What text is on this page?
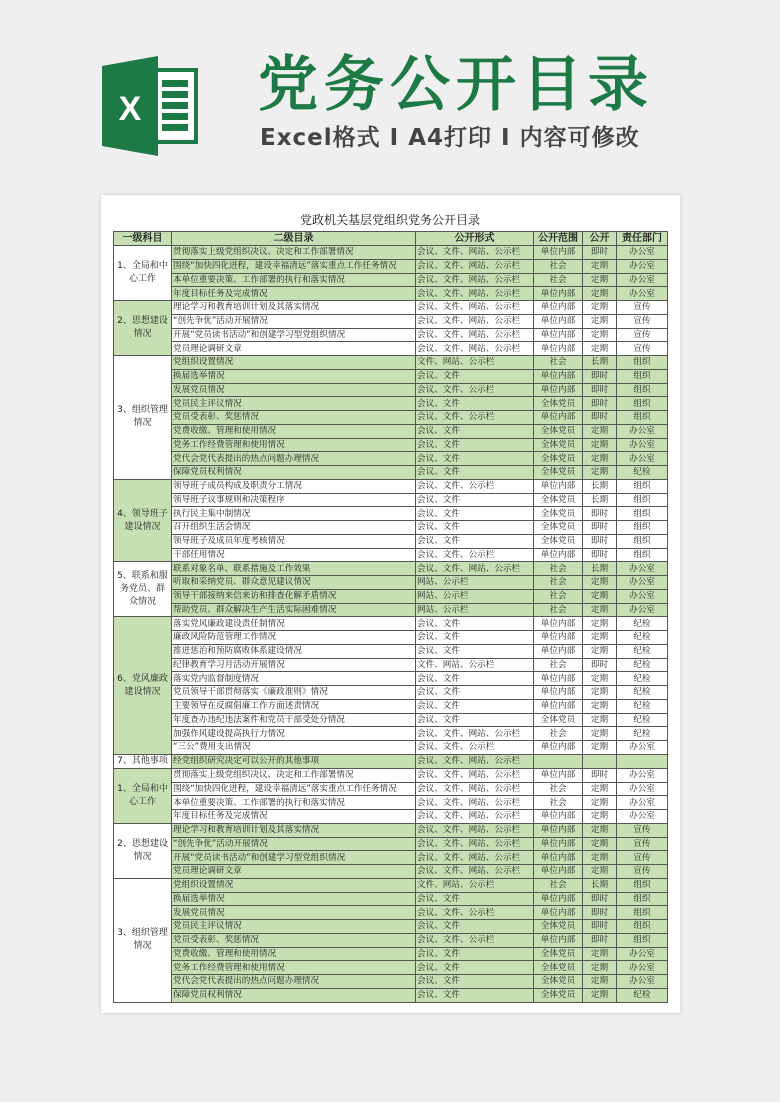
X 党务公开目录
Excel格式 I A4打印 I 内容可修改
党政机关基层党组织党务公开目录
一级科目	二级目录	公开形式	公开范围	公开	责任部门
1、全局和中心工作	贯彻落实上级党组织决议、决定和工作部署情况	会议、文件、网站、公示栏	单位内部	即时	办公室
	围绕“加快四化进程，建设幸福清远”落实重点工作任务情况	会议、文件、网站、公示栏	社会	定期	办公室
	本单位重要决策、工作部署的执行和落实情况	会议、文件、网站、公示栏	社会	定期	办公室
	年度目标任务及完成情况	会议、文件、网站、公示栏	单位内部	定期	办公室
2、思想建设情况	理论学习和教育培训计划及其落实情况	会议、文件、网站、公示栏	单位内部	定期	宣传
	“创先争优”活动开展情况	会议、文件、网站、公示栏	单位内部	定期	宣传
	开展“党员读书活动”和创建学习型党组织情况	会议、文件、网站、公示栏	单位内部	定期	宣传
	党员理论调研文章	会议、文件、网站、公示栏	单位内部	定期	宣传
3、组织管理情况	党组织设置情况	文件、网站、公示栏	社会	长期	组织
	换届选举情况	会议、文件	单位内部	即时	组织
	发展党员情况	会议、文件、公示栏	单位内部	即时	组织
	党员民主评议情况	会议、文件	全体党员	即时	组织
	党员受表彰、奖惩情况	会议、文件、公示栏	单位内部	即时	组织
	党费收缴、管理和使用情况	会议、文件	全体党员	定期	办公室
	党务工作经费管理和使用情况	会议、文件	全体党员	定期	办公室
	党代会党代表提出的热点问题办理情况	会议、文件	全体党员	定期	办公室
	保障党员权利情况	会议、文件	全体党员	定期	纪检
4、领导班子建设情况	领导班子成员构成及职责分工情况	会议、文件、公示栏	单位内部	长期	组织
	领导班子议事规则和决策程序	会议、文件	全体党员	长期	组织
	执行民主集中制情况	会议、文件	全体党员	即时	组织
	召开组织生活会情况	会议、文件	全体党员	即时	组织
	领导班子及成员年度考核情况	会议、文件	全体党员	即时	组织
	干部任用情况	会议、文件、公示栏	单位内部	即时	组织
5、联系和服务党员、群众情况	联系对象名单、联系措施及工作效果	会议、文件、网站、公示栏	社会	长期	办公室
	听取和采纳党员、群众意见建议情况	网站、公示栏	社会	定期	办公室
	领导干部接纳来信来访和排查化解矛盾情况	网站、公示栏	社会	定期	办公室
	帮助党员、群众解决生产生活实际困难情况	网站、公示栏	社会	定期	办公室
6、党风廉政建设情况	落实党风廉政建设责任制情况	会议、文件	单位内部	定期	纪检
	廉政风险防范管理工作情况	会议、文件	单位内部	定期	纪检
	推进惩治和预防腐败体系建设情况	会议、文件	单位内部	定期	纪检
	纪律教育学习月活动开展情况	文件、网站、公示栏	社会	即时	纪检
	落实党内监督制度情况	会议、文件	单位内部	定期	纪检
	党员领导干部贯彻落实《廉政准则》情况	会议、文件	单位内部	定期	纪检
	主要领导在反腐倡廉工作方面述责情况	会议、文件	单位内部	定期	纪检
	年度查办违纪违法案件和党员干部受处分情况	会议、文件	全体党员	定期	纪检
	加强作风建设提高执行力情况	会议、文件、网站、公示栏	社会	定期	纪检
	“三公”费用支出情况	会议、文件、公示栏	单位内部	定期	办公室
7、其他事项	经党组织研究决定可以公开的其他事项	会议、文件、网站、公示栏			
1、全局和中心工作	贯彻落实上级党组织决议、决定和工作部署情况	会议、文件、网站、公示栏	单位内部	即时	办公室
	围绕“加快四化进程，建设幸福清远”落实重点工作任务情况	会议、文件、网站、公示栏	社会	定期	办公室
	本单位重要决策、工作部署的执行和落实情况	会议、文件、网站、公示栏	社会	定期	办公室
	年度目标任务及完成情况	会议、文件、网站、公示栏	单位内部	定期	办公室
2、思想建设情况	理论学习和教育培训计划及其落实情况	会议、文件、网站、公示栏	单位内部	定期	宣传
	“创先争优”活动开展情况	会议、文件、网站、公示栏	单位内部	定期	宣传
	开展“党员读书活动”和创建学习型党组织情况	会议、文件、网站、公示栏	单位内部	定期	宣传
	党员理论调研文章	会议、文件、网站、公示栏	单位内部	定期	宣传
3、组织管理情况	党组织设置情况	文件、网站、公示栏	社会	长期	组织
	换届选举情况	会议、文件	单位内部	即时	组织
	发展党员情况	会议、文件、公示栏	单位内部	即时	组织
	党员民主评议情况	会议、文件	全体党员	即时	组织
	党员受表彰、奖惩情况	会议、文件、公示栏	单位内部	即时	组织
	党费收缴、管理和使用情况	会议、文件	全体党员	定期	办公室
	党务工作经费管理和使用情况	会议、文件	全体党员	定期	办公室
	党代会党代表提出的热点问题办理情况	会议、文件	全体党员	定期	办公室
	保障党员权利情况	会议、文件	全体党员	定期	纪检
